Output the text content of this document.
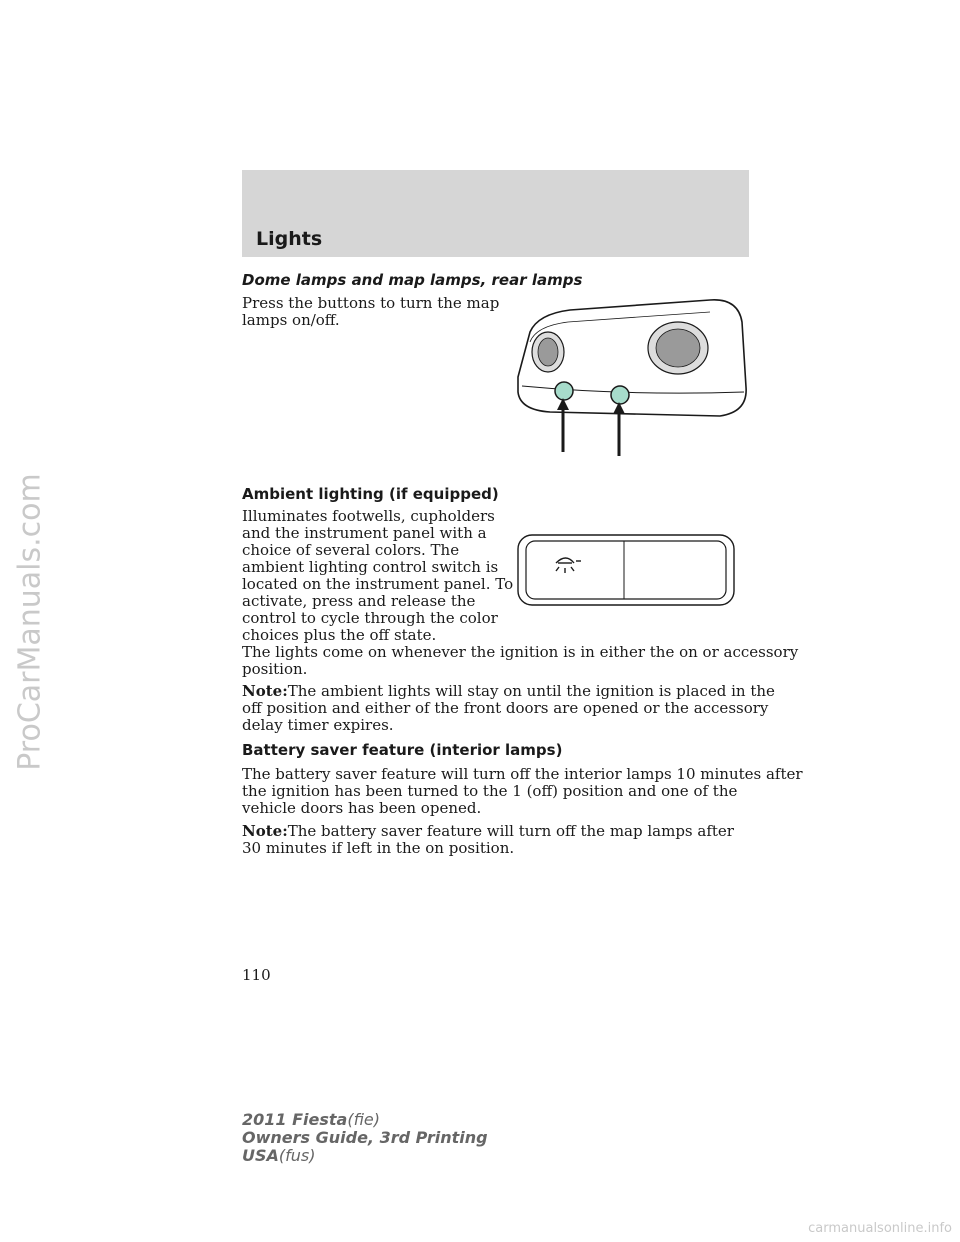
ProCarManuals.com
Lights
Dome lamps and map lamps, rear lamps
Press the buttons to turn the map
lamps on/off.
Ambient lighting (if equipped)
Illuminates footwells, cupholders
and the instrument panel with a
choice of several colors. The
ambient lighting control switch is
located on the instrument panel. To
activate, press and release the
control to cycle through the color
choices plus the off state.
The lights come on whenever the ignition is in either the on or accessory
position.
Note:The ambient lights will stay on until the ignition is placed in the
off position and either of the front doors are opened or the accessory
delay timer expires.
Battery saver feature (interior lamps)
The battery saver feature will turn off the interior lamps 10 minutes after
the ignition has been turned to the 1 (off) position and one of the
vehicle doors has been opened.
Note:The battery saver feature will turn off the map lamps after
30 minutes if left in the on position.
110
2011 Fiesta(fie)
Owners Guide, 3rd Printing
USA(fus)
carmanualsonline.info
